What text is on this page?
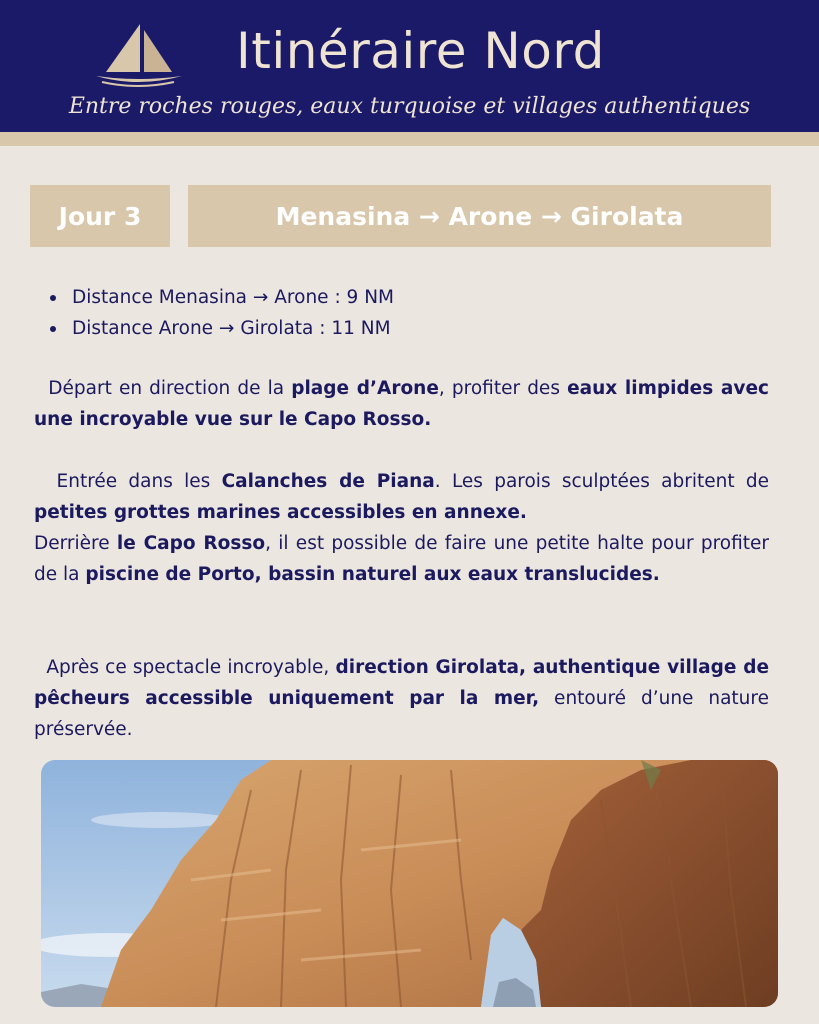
Itinéraire Nord
Entre roches rouges, eaux turquoise et villages authentiques
Jour 3	Menasina → Arone → Girolata
Distance Menasina → Arone : 9 NM
Distance Arone → Girolata : 11 NM

Départ en direction de la plage d’Arone, profiter des eaux limpides avec une incroyable vue sur le Capo Rosso.

Entrée dans les Calanches de Piana. Les parois sculptées abritent de petites grottes marines accessibles en annexe.
Derrière le Capo Rosso, il est possible de faire une petite halte pour profiter de la piscine de Porto, bassin naturel aux eaux translucides.

Après ce spectacle incroyable, direction Girolata, authentique village de pêcheurs accessible uniquement par la mer, entouré d’une nature préservée.
